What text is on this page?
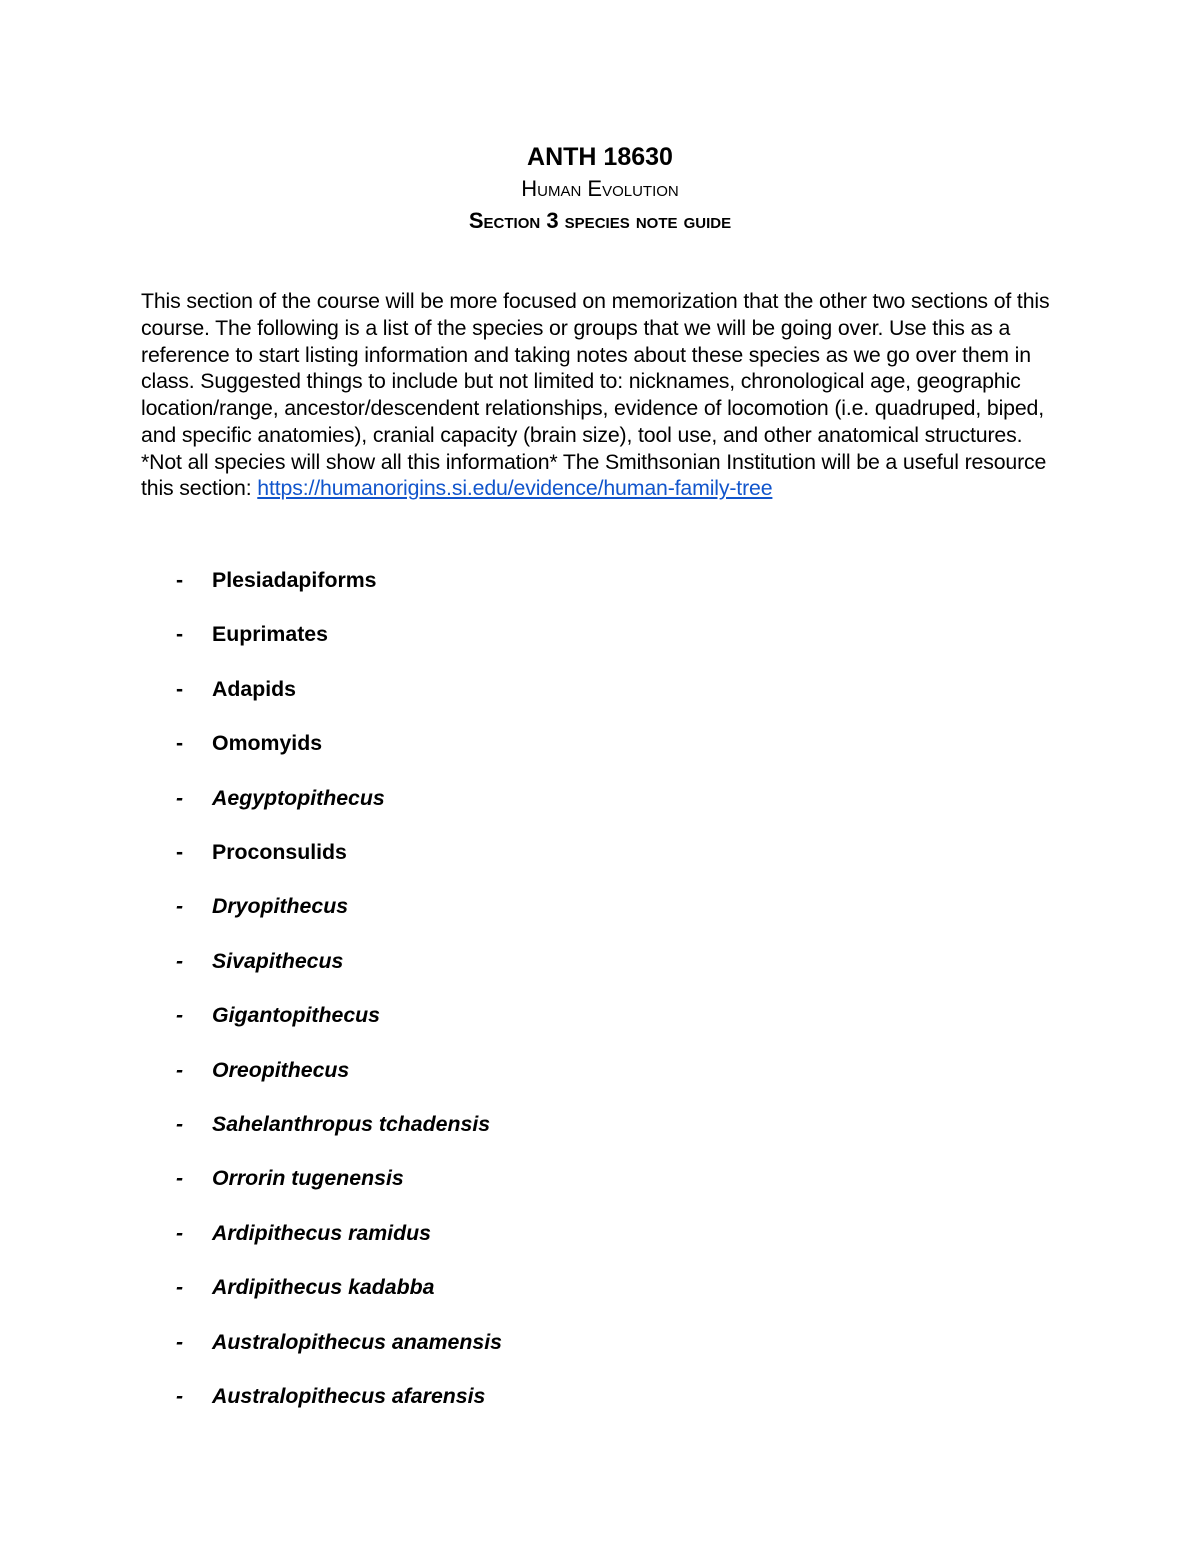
ANTH 18630
Human Evolution
Section 3 species note guide

This section of the course will be more focused on memorization that the other two sections of this course. The following is a list of the species or groups that we will be going over. Use this as a reference to start listing information and taking notes about these species as we go over them in class. Suggested things to include but not limited to: nicknames, chronological age, geographic location/range, ancestor/descendent relationships, evidence of locomotion (i.e. quadruped, biped, and specific anatomies), cranial capacity (brain size), tool use, and other anatomical structures. *Not all species will show all this information* The Smithsonian Institution will be a useful resource this section: https://humanorigins.si.edu/evidence/human-family-tree

- Plesiadapiforms
- Euprimates
- Adapids
- Omomyids
- Aegyptopithecus
- Proconsulids
- Dryopithecus
- Sivapithecus
- Gigantopithecus
- Oreopithecus
- Sahelanthropus tchadensis
- Orrorin tugenensis
- Ardipithecus ramidus
- Ardipithecus kadabba
- Australopithecus anamensis
- Australopithecus afarensis
